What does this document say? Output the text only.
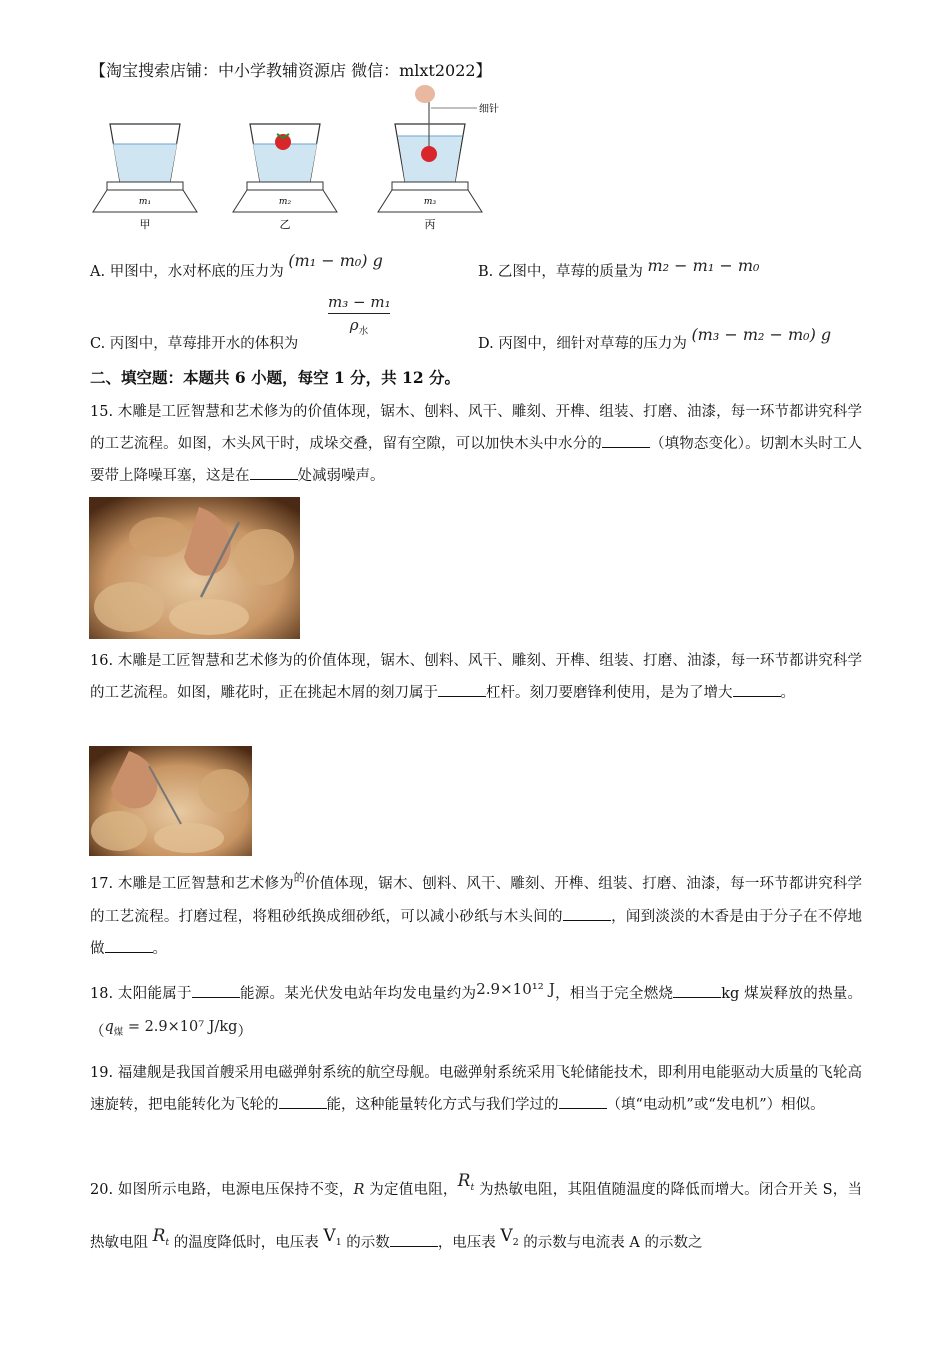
【淘宝搜索店铺：中小学教辅资源店 微信：mlxt2022】
m₁	m₂	m₃
甲	乙	丙
细针
A. 甲图中，水对杯底的压力为 (m₁ − m₀) g
B. 乙图中，草莓的质量为 m₂ − m₁ − m₀
C. 丙图中，草莓排开水的体积为
m₃ − m₁
$\rho_水$
D. 丙图中，细针对草莓的压力为 (m₃ − m₂ − m₀) g
二、填空题：本题共 6 小题，每空 1 分，共 12 分。
15. 木雕是工匠智慧和艺术修为的价值体现，锯木、刨料、风干、雕刻、开榫、组装、打磨、油漆，每一环节都讲究科学的工艺流程。如图，木头风干时，成垛交叠，留有空隙，可以加快木头中水分的	（填物态变化）。切割木头时工人要带上降噪耳塞，这是在	处减弱噪声。
16. 木雕是工匠智慧和艺术修为的价值体现，锯木、刨料、风干、雕刻、开榫、组装、打磨、油漆，每一环节都讲究科学的工艺流程。如图，雕花时，正在挑起木屑的刻刀属于	杠杆。刻刀要磨锋利使用，是为了增大	。
17. 木雕是工匠智慧和艺术修为$^的$价值体现，锯木、刨料、风干、雕刻、开榫、组装、打磨、油漆，每一环节都讲究科学的工艺流程。打磨过程，将粗砂纸换成细砂纸，可以减小砂纸与木头间的	，闻到淡淡的木香是由于分子在不停地做	。
18. 太阳能属于	能源。某光伏发电站年均发电量约为2.9×10¹² J，相当于完全燃烧	kg 煤炭释放的热量。（$q_煤 = 2.9\times 10^7$ J/kg）
19. 福建舰是我国首艘采用电磁弹射系统的航空母舰。电磁弹射系统采用飞轮储能技术，即利用电能驱动大质量的飞轮高速旋转，把电能转化为飞轮的	能，这种能量转化方式与我们学过的	（填“电动机”或“发电机”）相似。
20. 如图所示电路，电源电压保持不变，R 为定值电阻，$R_t$ 为热敏电阻，其阻值随温度的降低而增大。闭合开关 S，当热敏电阻 $R_t$ 的温度降低时，电压表 $V_1$ 的示数	，电压表 $V_2$ 的示数与电流表 A 的示数之
